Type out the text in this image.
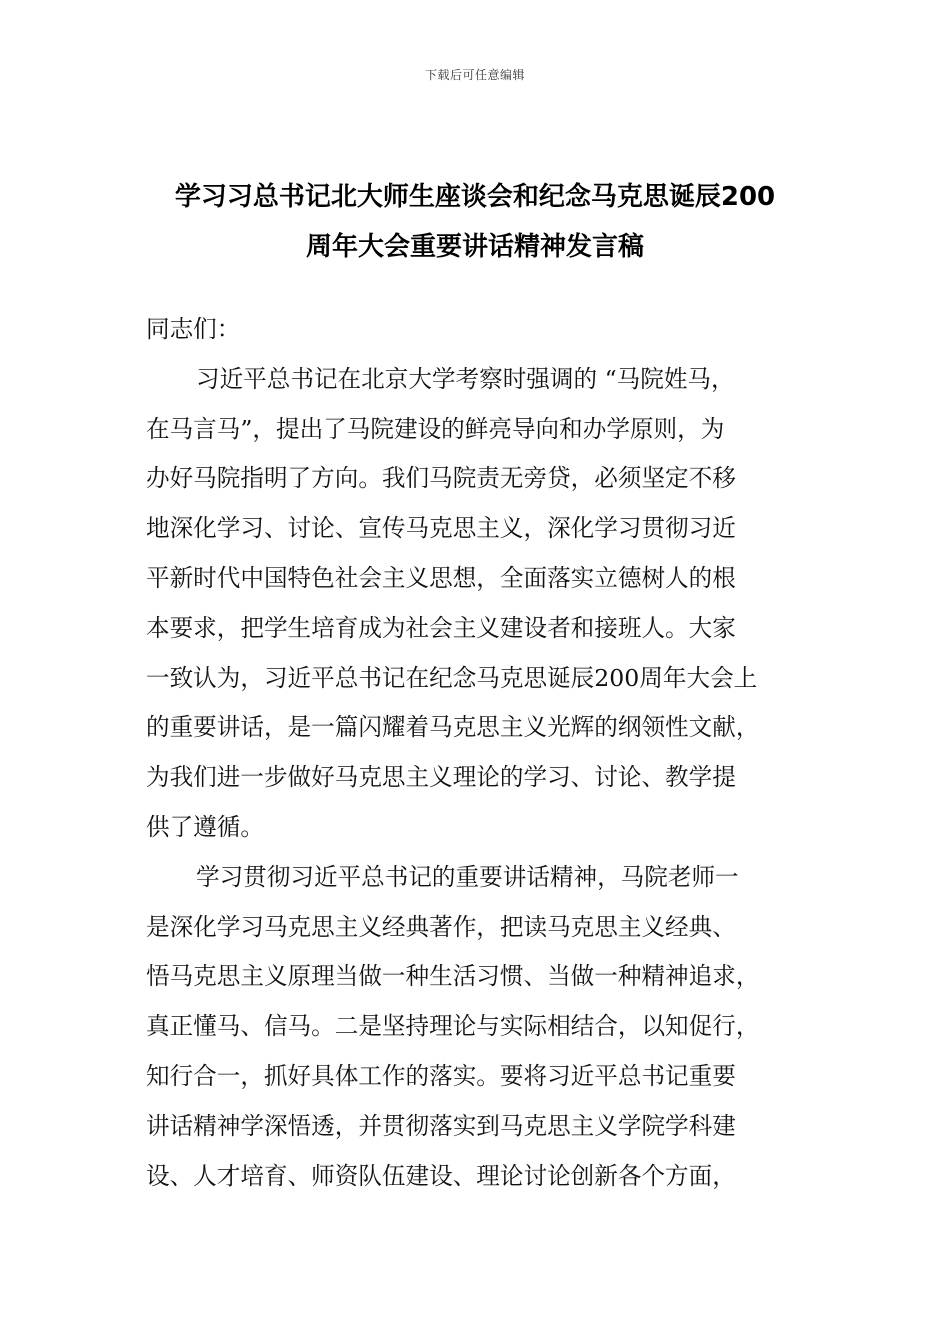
下载后可任意编辑
学习习总书记北大师生座谈会和纪念马克思诞辰200
周年大会重要讲话精神发言稿
同志们：
习近平总书记在北京大学考察时强调的 “马院姓马，
在马言马”，提出了马院建设的鲜亮导向和办学原则，为
办好马院指明了方向。我们马院责无旁贷，必须坚定不移
地深化学习、讨论、宣传马克思主义，深化学习贯彻习近
平新时代中国特色社会主义思想，全面落实立德树人的根
本要求，把学生培育成为社会主义建设者和接班人。大家
一致认为，习近平总书记在纪念马克思诞辰200周年大会上
的重要讲话，是一篇闪耀着马克思主义光辉的纲领性文献，
为我们进一步做好马克思主义理论的学习、讨论、教学提
供了遵循。
学习贯彻习近平总书记的重要讲话精神，马院老师一
是深化学习马克思主义经典著作，把读马克思主义经典、
悟马克思主义原理当做一种生活习惯、当做一种精神追求，
真正懂马、信马。二是坚持理论与实际相结合，以知促行，
知行合一，抓好具体工作的落实。要将习近平总书记重要
讲话精神学深悟透，并贯彻落实到马克思主义学院学科建
设、人才培育、师资队伍建设、理论讨论创新各个方面，
